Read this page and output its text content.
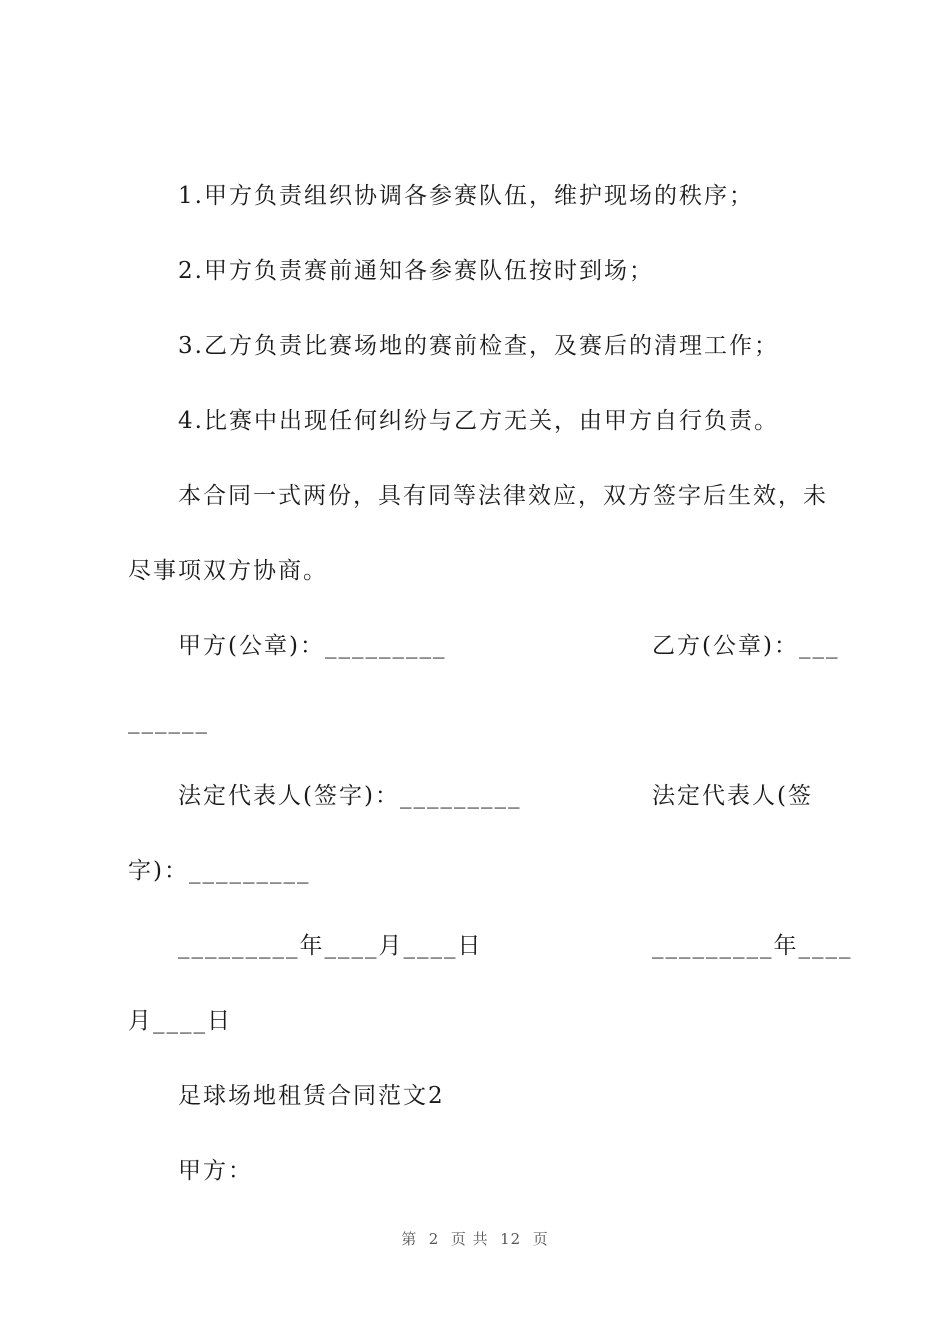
1.甲方负责组织协调各参赛队伍，维护现场的秩序；
2.甲方负责赛前通知各参赛队伍按时到场；
3.乙方负责比赛场地的赛前检查，及赛后的清理工作；
4.比赛中出现任何纠纷与乙方无关，由甲方自行负责。
本合同一式两份，具有同等法律效应，双方签字后生效，未
尽事项双方协商。
甲方(公章)：_________	乙方(公章)：___
______
法定代表人(签字)：_________	法定代表人(签
字)：_________
_________年____月____日	_________年____
月____日
足球场地租赁合同范文2
甲方：
第  2  页 共  12  页
